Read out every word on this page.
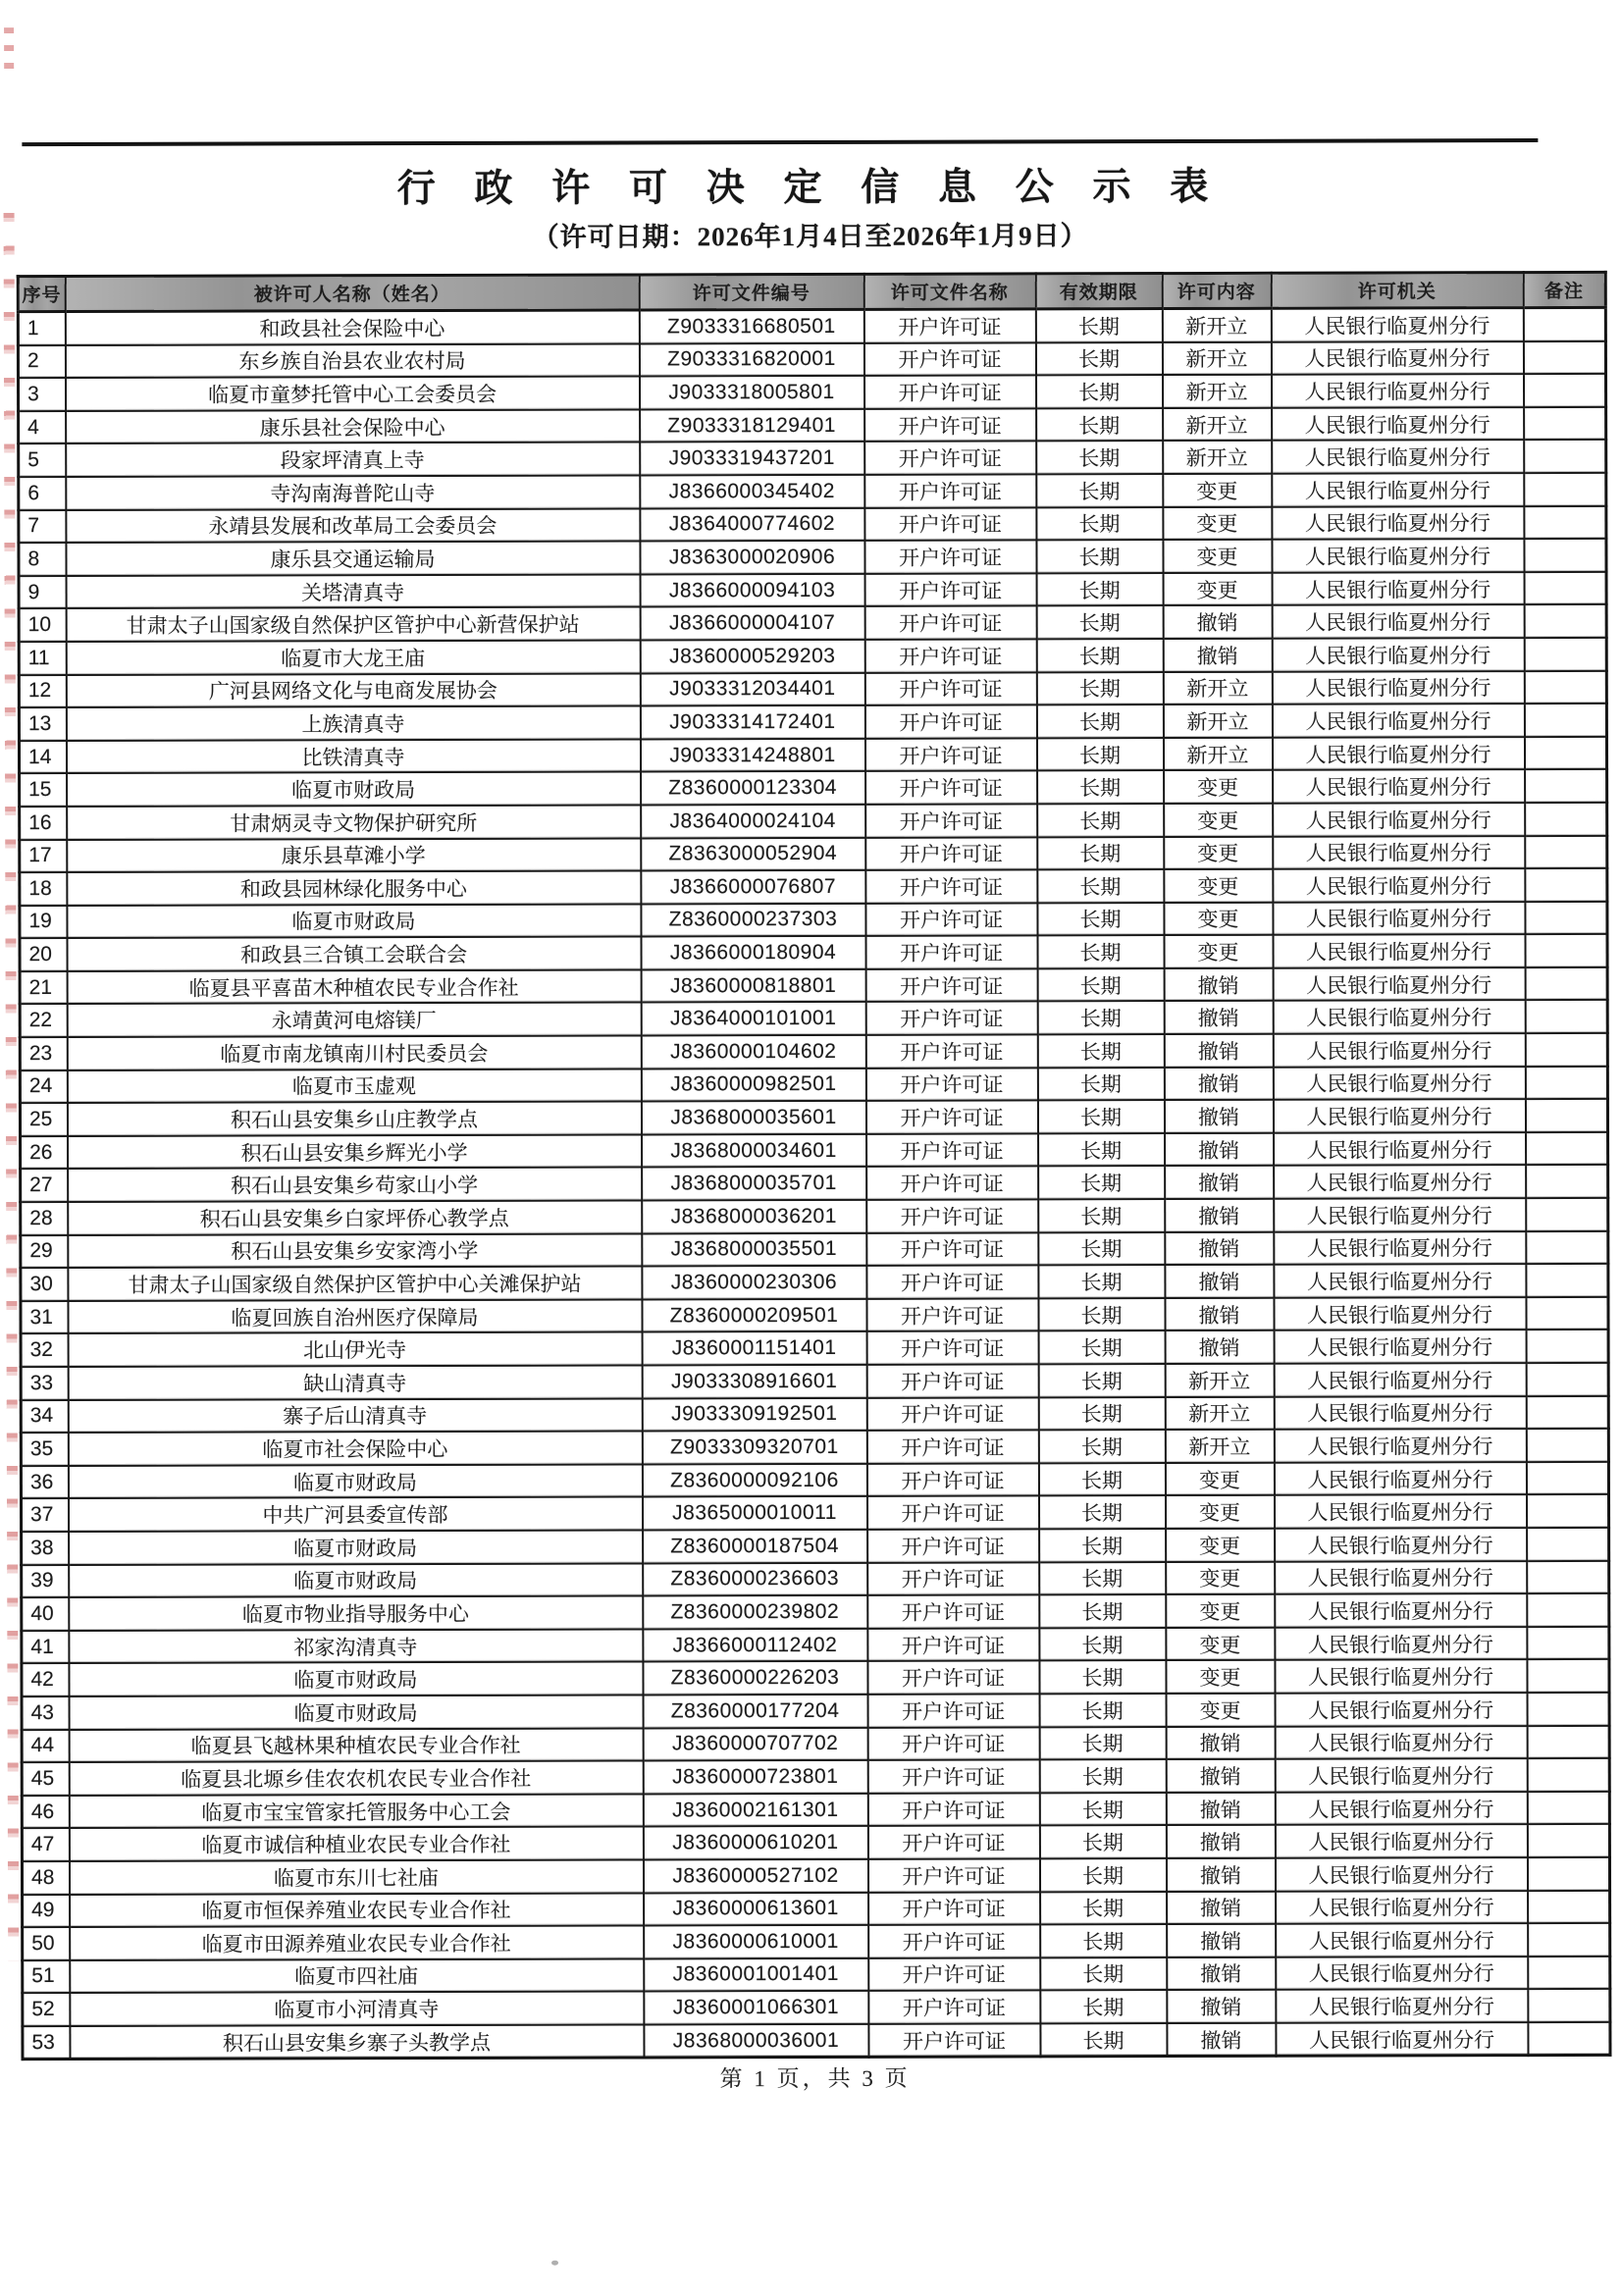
行 政 许 可 决 定 信 息 公 示 表
（许可日期：2026年1月4日至2026年1月9日）
序号	被许可人名称（姓名）	许可文件编号	许可文件名称	有效期限	许可内容	许可机关	备注
1	和政县社会保险中心	Z9033316680501	开户许可证	长期	新开立	人民银行临夏州分行	
2	东乡族自治县农业农村局	Z9033316820001	开户许可证	长期	新开立	人民银行临夏州分行	
3	临夏市童梦托管中心工会委员会	J9033318005801	开户许可证	长期	新开立	人民银行临夏州分行	
4	康乐县社会保险中心	Z9033318129401	开户许可证	长期	新开立	人民银行临夏州分行	
5	段家坪清真上寺	J9033319437201	开户许可证	长期	新开立	人民银行临夏州分行	
6	寺沟南海普陀山寺	J8366000345402	开户许可证	长期	变更	人民银行临夏州分行	
7	永靖县发展和改革局工会委员会	J8364000774602	开户许可证	长期	变更	人民银行临夏州分行	
8	康乐县交通运输局	J8363000020906	开户许可证	长期	变更	人民银行临夏州分行	
9	关塔清真寺	J8366000094103	开户许可证	长期	变更	人民银行临夏州分行	
10	甘肃太子山国家级自然保护区管护中心新营保护站	J8366000004107	开户许可证	长期	撤销	人民银行临夏州分行	
11	临夏市大龙王庙	J8360000529203	开户许可证	长期	撤销	人民银行临夏州分行	
12	广河县网络文化与电商发展协会	J9033312034401	开户许可证	长期	新开立	人民银行临夏州分行	
13	上族清真寺	J9033314172401	开户许可证	长期	新开立	人民银行临夏州分行	
14	比铁清真寺	J9033314248801	开户许可证	长期	新开立	人民银行临夏州分行	
15	临夏市财政局	Z8360000123304	开户许可证	长期	变更	人民银行临夏州分行	
16	甘肃炳灵寺文物保护研究所	J8364000024104	开户许可证	长期	变更	人民银行临夏州分行	
17	康乐县草滩小学	Z8363000052904	开户许可证	长期	变更	人民银行临夏州分行	
18	和政县园林绿化服务中心	J8366000076807	开户许可证	长期	变更	人民银行临夏州分行	
19	临夏市财政局	Z8360000237303	开户许可证	长期	变更	人民银行临夏州分行	
20	和政县三合镇工会联合会	J8366000180904	开户许可证	长期	变更	人民银行临夏州分行	
21	临夏县平喜苗木种植农民专业合作社	J8360000818801	开户许可证	长期	撤销	人民银行临夏州分行	
22	永靖黄河电熔镁厂	J8364000101001	开户许可证	长期	撤销	人民银行临夏州分行	
23	临夏市南龙镇南川村民委员会	J8360000104602	开户许可证	长期	撤销	人民银行临夏州分行	
24	临夏市玉虚观	J8360000982501	开户许可证	长期	撤销	人民银行临夏州分行	
25	积石山县安集乡山庄教学点	J8368000035601	开户许可证	长期	撤销	人民银行临夏州分行	
26	积石山县安集乡辉光小学	J8368000034601	开户许可证	长期	撤销	人民银行临夏州分行	
27	积石山县安集乡苟家山小学	J8368000035701	开户许可证	长期	撤销	人民银行临夏州分行	
28	积石山县安集乡白家坪侨心教学点	J8368000036201	开户许可证	长期	撤销	人民银行临夏州分行	
29	积石山县安集乡安家湾小学	J8368000035501	开户许可证	长期	撤销	人民银行临夏州分行	
30	甘肃太子山国家级自然保护区管护中心关滩保护站	J8360000230306	开户许可证	长期	撤销	人民银行临夏州分行	
31	临夏回族自治州医疗保障局	Z8360000209501	开户许可证	长期	撤销	人民银行临夏州分行	
32	北山伊光寺	J8360001151401	开户许可证	长期	撤销	人民银行临夏州分行	
33	缺山清真寺	J9033308916601	开户许可证	长期	新开立	人民银行临夏州分行	
34	寨子后山清真寺	J9033309192501	开户许可证	长期	新开立	人民银行临夏州分行	
35	临夏市社会保险中心	Z9033309320701	开户许可证	长期	新开立	人民银行临夏州分行	
36	临夏市财政局	Z8360000092106	开户许可证	长期	变更	人民银行临夏州分行	
37	中共广河县委宣传部	J8365000010011	开户许可证	长期	变更	人民银行临夏州分行	
38	临夏市财政局	Z8360000187504	开户许可证	长期	变更	人民银行临夏州分行	
39	临夏市财政局	Z8360000236603	开户许可证	长期	变更	人民银行临夏州分行	
40	临夏市物业指导服务中心	Z8360000239802	开户许可证	长期	变更	人民银行临夏州分行	
41	祁家沟清真寺	J8366000112402	开户许可证	长期	变更	人民银行临夏州分行	
42	临夏市财政局	Z8360000226203	开户许可证	长期	变更	人民银行临夏州分行	
43	临夏市财政局	Z8360000177204	开户许可证	长期	变更	人民银行临夏州分行	
44	临夏县飞越林果种植农民专业合作社	J8360000707702	开户许可证	长期	撤销	人民银行临夏州分行	
45	临夏县北塬乡佳农农机农民专业合作社	J8360000723801	开户许可证	长期	撤销	人民银行临夏州分行	
46	临夏市宝宝管家托管服务中心工会	J8360002161301	开户许可证	长期	撤销	人民银行临夏州分行	
47	临夏市诚信种植业农民专业合作社	J8360000610201	开户许可证	长期	撤销	人民银行临夏州分行	
48	临夏市东川七社庙	J8360000527102	开户许可证	长期	撤销	人民银行临夏州分行	
49	临夏市恒保养殖业农民专业合作社	J8360000613601	开户许可证	长期	撤销	人民银行临夏州分行	
50	临夏市田源养殖业农民专业合作社	J8360000610001	开户许可证	长期	撤销	人民银行临夏州分行	
51	临夏市四社庙	J8360001001401	开户许可证	长期	撤销	人民银行临夏州分行	
52	临夏市小河清真寺	J8360001066301	开户许可证	长期	撤销	人民银行临夏州分行	
53	积石山县安集乡寨子头教学点	J8368000036001	开户许可证	长期	撤销	人民银行临夏州分行	
第 1 页，共 3 页
